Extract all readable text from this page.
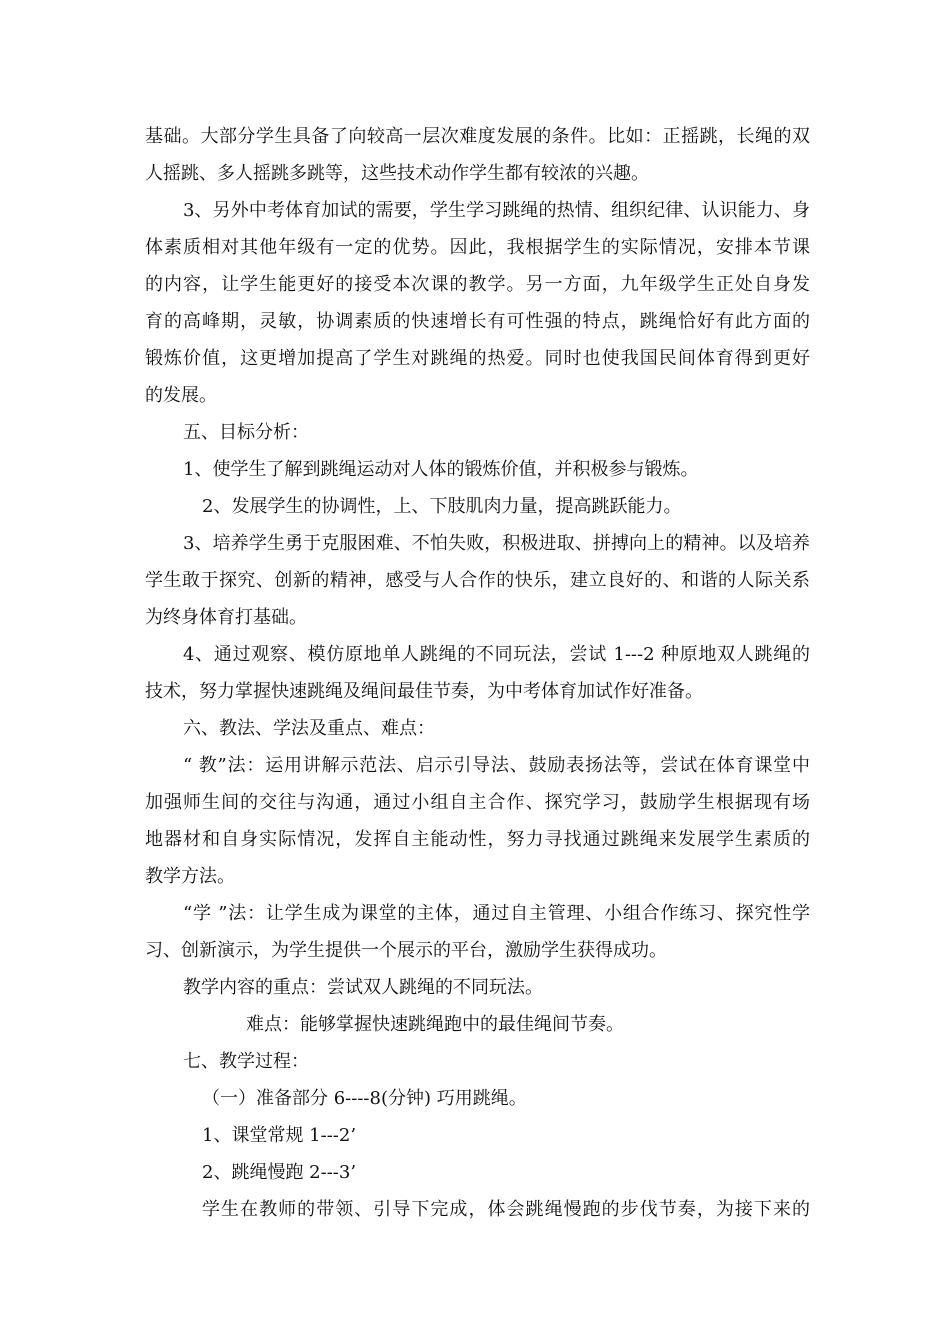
基础。大部分学生具备了向较高一层次难度发展的条件。比如：正摇跳，长绳的双
人摇跳、多人摇跳多跳等，这些技术动作学生都有较浓的兴趣。
3、另外中考体育加试的需要，学生学习跳绳的热情、组织纪律、认识能力、身
体素质相对其他年级有一定的优势。因此，我根据学生的实际情况，安排本节课
的内容，让学生能更好的接受本次课的教学。另一方面，九年级学生正处自身发
育的高峰期，灵敏，协调素质的快速增长有可性强的特点，跳绳恰好有此方面的
锻炼价值，这更增加提高了学生对跳绳的热爱。同时也使我国民间体育得到更好
的发展。
五、目标分析：
1、使学生了解到跳绳运动对人体的锻炼价值，并积极参与锻炼。
2、发展学生的协调性，上、下肢肌肉力量，提高跳跃能力。
3、培养学生勇于克服困难、不怕失败，积极进取、拼搏向上的精神。以及培养
学生敢于探究、创新的精神，感受与人合作的快乐，建立良好的、和谐的人际关系
为终身体育打基础。
4、通过观察、模仿原地单人跳绳的不同玩法，尝试 1---2 种原地双人跳绳的
技术，努力掌握快速跳绳及绳间最佳节奏，为中考体育加试作好准备。
六、教法、学法及重点、难点：
“ 教”法：运用讲解示范法、启示引导法、鼓励表扬法等，尝试在体育课堂中
加强师生间的交往与沟通，通过小组自主合作、探究学习，鼓励学生根据现有场
地器材和自身实际情况，发挥自主能动性，努力寻找通过跳绳来发展学生素质的
教学方法。
“学 ”法：让学生成为课堂的主体，通过自主管理、小组合作练习、探究性学
习、创新演示，为学生提供一个展示的平台，激励学生获得成功。
教学内容的重点：尝试双人跳绳的不同玩法。
难点：能够掌握快速跳绳跑中的最佳绳间节奏。
七、教学过程：
（一）准备部分 6----8(分钟) 巧用跳绳。
1、课堂常规 1---2’
2、跳绳慢跑 2---3’
学生在教师的带领、引导下完成，体会跳绳慢跑的步伐节奏，为接下来的
